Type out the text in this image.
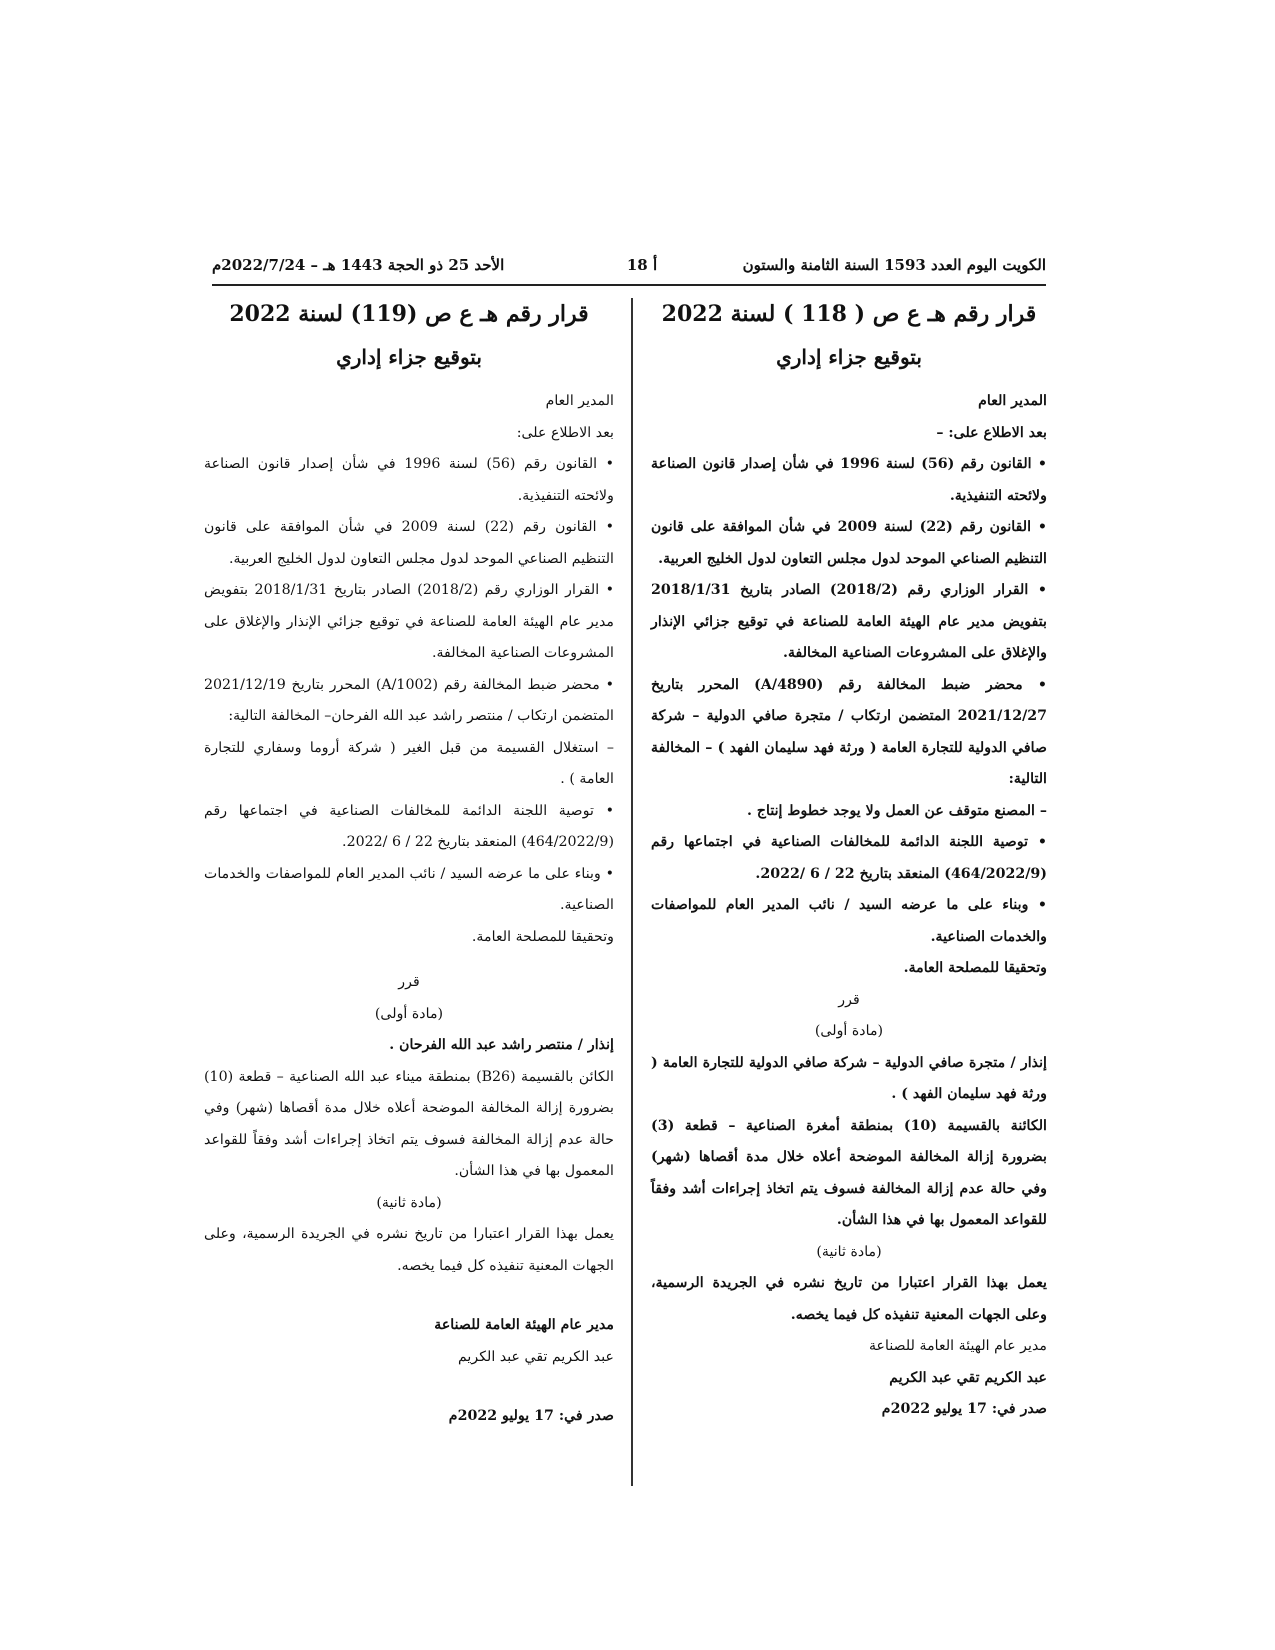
الكويت اليوم العدد 1593 السنة الثامنة والستون
أ 18
الأحد 25 ذو الحجة 1443 هـ – 2022/7/24م
قرار رقم هـ ع ص ( 118 ) لسنة 2022
بتوقيع جزاء إداري

المدير العام

بعد الاطلاع على: –

• القانون رقم (56) لسنة 1996 في شأن إصدار قانون الصناعة ولائحته التنفيذية.

• القانون رقم (22) لسنة 2009 في شأن الموافقة على قانون التنظيم الصناعي الموحد لدول مجلس التعاون لدول الخليج العربية.

• القرار الوزاري رقم (2018/2) الصادر بتاريخ 2018/1/31 بتفويض مدير عام الهيئة العامة للصناعة في توقيع جزائي الإنذار والإغلاق على المشروعات الصناعية المخالفة.

• محضر ضبط المخالفة رقم (A/4890) المحرر بتاريخ 2021/12/27 المتضمن ارتكاب / متجرة صافي الدولية – شركة صافي الدولية للتجارة العامة ( ورثة فهد سليمان الفهد ) – المخالفة التالية:

– المصنع متوقف عن العمل ولا يوجد خطوط إنتاج .

• توصية اللجنة الدائمة للمخالفات الصناعية في اجتماعها رقم (464/2022/9) المنعقد بتاريخ 22 / 6 /2022.

• وبناء على ما عرضه السيد / نائب المدير العام للمواصفات والخدمات الصناعية.

وتحقيقا للمصلحة العامة.

قرر

(مادة أولى)

إنذار / متجرة صافي الدولية – شركة صافي الدولية للتجارة العامة ( ورثة فهد سليمان الفهد ) .

الكائنة بالقسيمة (10) بمنطقة أمغرة الصناعية – قطعة (3) بضرورة إزالة المخالفة الموضحة أعلاه خلال مدة أقصاها (شهر) وفي حالة عدم إزالة المخالفة فسوف يتم اتخاذ إجراءات أشد وفقاً للقواعد المعمول بها في هذا الشأن.

(مادة ثانية)

يعمل بهذا القرار اعتبارا من تاريخ نشره في الجريدة الرسمية، وعلى الجهات المعنية تنفيذه كل فيما يخصه.

مدير عام الهيئة العامة للصناعة

عبد الكريم تقي عبد الكريم

صدر في: 17 يوليو 2022م

قرار رقم هـ ع ص (119) لسنة 2022
بتوقيع جزاء إداري

المدير العام

بعد الاطلاع على:

• القانون رقم (56) لسنة 1996 في شأن إصدار قانون الصناعة ولائحته التنفيذية.

• القانون رقم (22) لسنة 2009 في شأن الموافقة على قانون التنظيم الصناعي الموحد لدول مجلس التعاون لدول الخليج العربية.

• القرار الوزاري رقم (2018/2) الصادر بتاريخ 2018/1/31 بتفويض مدير عام الهيئة العامة للصناعة في توقيع جزائي الإنذار والإغلاق على المشروعات الصناعية المخالفة.

• محضر ضبط المخالفة رقم (A/1002) المحرر بتاريخ 2021/12/19 المتضمن ارتكاب / منتصر راشد عبد الله الفرحان– المخالفة التالية:

– استغلال القسيمة من قبل الغير ( شركة أروما وسفاري للتجارة العامة ) .

• توصية اللجنة الدائمة للمخالفات الصناعية في اجتماعها رقم (464/2022/9) المنعقد بتاريخ 22 / 6 /2022.

• وبناء على ما عرضه السيد / نائب المدير العام للمواصفات والخدمات الصناعية.

وتحقيقا للمصلحة العامة.

قرر

(مادة أولى)

إنذار / منتصر راشد عبد الله الفرحان .

الكائن بالقسيمة (B26) بمنطقة ميناء عبد الله الصناعية – قطعة (10) بضرورة إزالة المخالفة الموضحة أعلاه خلال مدة أقصاها (شهر) وفي حالة عدم إزالة المخالفة فسوف يتم اتخاذ إجراءات أشد وفقاً للقواعد المعمول بها في هذا الشأن.

(مادة ثانية)

يعمل بهذا القرار اعتبارا من تاريخ نشره في الجريدة الرسمية، وعلى الجهات المعنية تنفيذه كل فيما يخصه.

مدير عام الهيئة العامة للصناعة

عبد الكريم تقي عبد الكريم

صدر في: 17 يوليو 2022م
